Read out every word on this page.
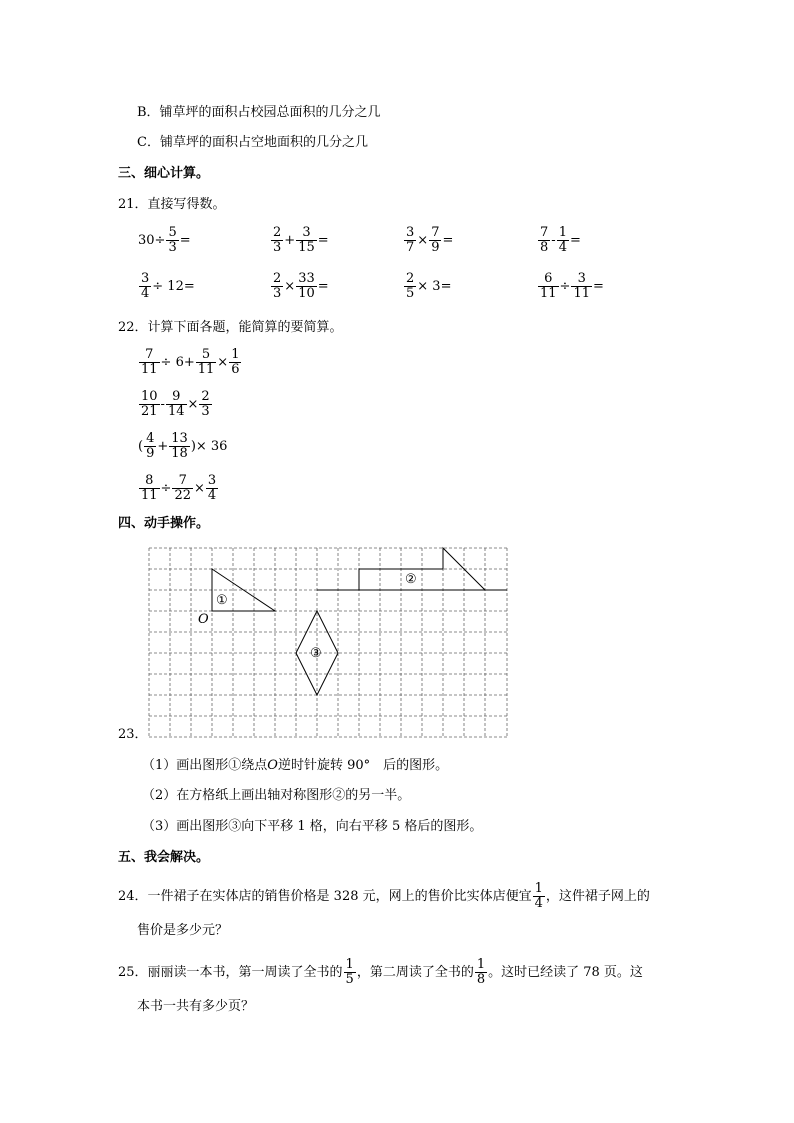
B．铺草坪的面积占校园总面积的几分之几
C．铺草坪的面积占空地面积的几分之几
三、细心计算。
21．直接写得数。
$30\div \frac{5}{3}$ =	$\frac{2}{3} + \frac{3}{15}$ =	$\frac{3}{7} \times \frac{7}{9}$ =	$\frac{7}{8} - \frac{1}{4}$ =
$\frac{3}{4} \div 12=$	$\frac{2}{3} \times \frac{33}{10}$ =	$\frac{2}{5} \times 3=$	$\frac{6}{11} \div \frac{3}{11}$ =
22．计算下面各题，能简算的要简算。
$\frac{7}{11} \div 6+ \frac{5}{11} \times \frac{1}{6}$
$\frac{10}{21} - \frac{9}{14} \times \frac{2}{3}$
( $\frac{4}{9} + \frac{13}{18}$ )× 36
$\frac{8}{11} \div \frac{7}{22} \times \frac{3}{4}$
四、动手操作。
①
②
③
O
23．
（1）画出图形①绕点O逆时针旋转 90°　后的图形。
（2）在方格纸上画出轴对称图形②的另一半。
（3）画出图形③向下平移 1 格，向右平移 5 格后的图形。
五、我会解决。
24．一件裙子在实体店的销售价格是 328 元，网上的售价比实体店便宜 $\frac{1}{4}$ ，这件裙子网上的
售价是多少元？
25．丽丽读一本书，第一周读了全书的 $\frac{1}{5}$ ，第二周读了全书的 $\frac{1}{8}$ 。这时已经读了 78 页。这
本书一共有多少页？
